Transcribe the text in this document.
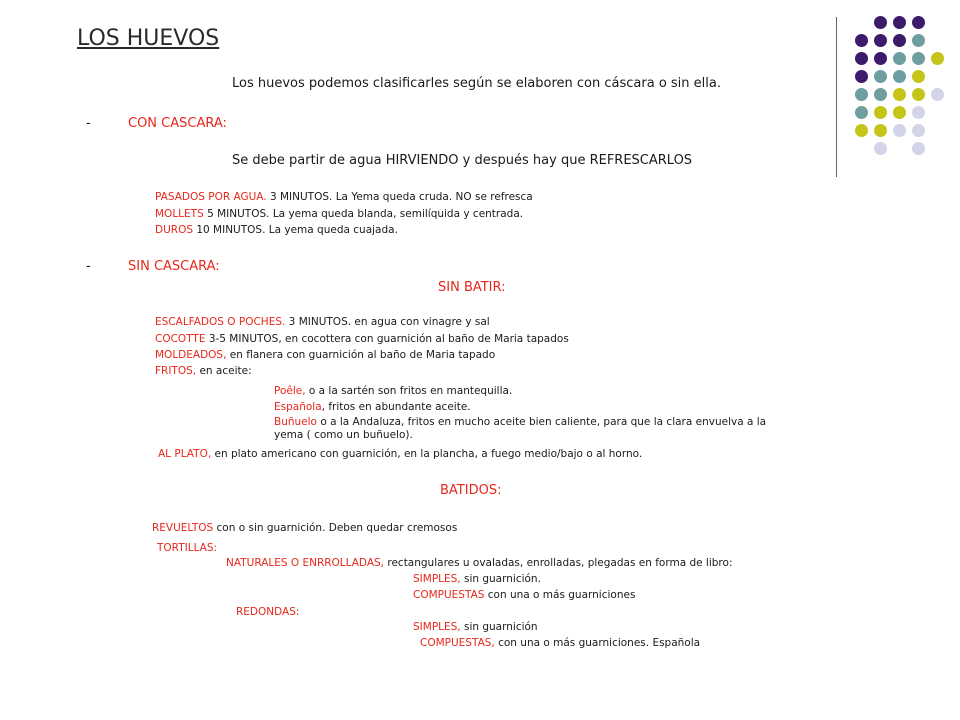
LOS HUEVOS
Los huevos podemos clasificarles según se elaboren con cáscara o sin ella.
-	CON CASCARA:
Se debe partir de agua HIRVIENDO y después hay que REFRESCARLOS
PASADOS POR AGUA. 3 MINUTOS. La Yema queda cruda. NO se refresca
MOLLETS 5 MINUTOS. La yema queda blanda, semilíquida y centrada.
DUROS 10 MINUTOS. La yema queda cuajada.
-	SIN CASCARA:
SIN BATIR:
ESCALFADOS O POCHES. 3 MINUTOS. en agua con vinagre y sal
COCOTTE 3-5 MINUTOS, en cocottera con guarnición al baño de Maria tapados
MOLDEADOS, en flanera con guarnición al baño de Maria tapado
FRITOS, en aceite:
Poêle, o a la sartén son fritos en mantequilla.
Española, fritos en abundante aceite.
Buñuelo o a la Andaluza, fritos en mucho aceite bien caliente, para que la clara envuelva a la yema ( como un buñuelo).
AL PLATO, en plato americano con guarnición, en la plancha, a fuego medio/bajo o al horno.
BATIDOS:
REVUELTOS con o sin guarnición. Deben quedar cremosos
TORTILLAS:
NATURALES O ENRROLLADAS, rectangulares u ovaladas, enrolladas, plegadas en forma de libro:
SIMPLES, sin guarnición.
COMPUESTAS con una o más guarniciones
REDONDAS:
SIMPLES, sin guarnición
COMPUESTAS, con una o más guarniciones. Española
